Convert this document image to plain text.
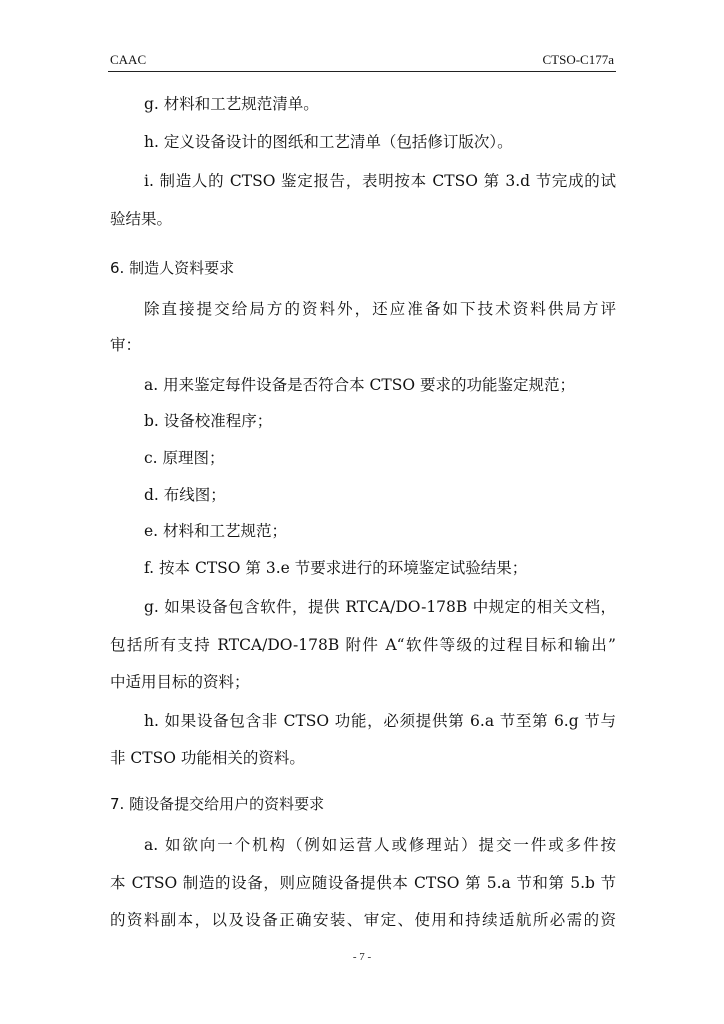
CAAC	CTSO-C177a
g. 材料和工艺规范清单。
h. 定义设备设计的图纸和工艺清单（包括修订版次）。
i. 制造人的 CTSO 鉴定报告，表明按本 CTSO 第 3.d 节完成的试
验结果。
6. 制造人资料要求
除直接提交给局方的资料外，还应准备如下技术资料供局方评
审：
a. 用来鉴定每件设备是否符合本 CTSO 要求的功能鉴定规范；
b. 设备校准程序；
c. 原理图；
d. 布线图；
e. 材料和工艺规范；
f. 按本 CTSO 第 3.e 节要求进行的环境鉴定试验结果；
g. 如果设备包含软件，提供 RTCA/DO-178B 中规定的相关文档，
包括所有支持 RTCA/DO-178B 附件 A“软件等级的过程目标和输出”
中适用目标的资料；
h. 如果设备包含非 CTSO 功能，必须提供第 6.a 节至第 6.g 节与
非 CTSO 功能相关的资料。
7. 随设备提交给用户的资料要求
a. 如欲向一个机构（例如运营人或修理站）提交一件或多件按
本 CTSO 制造的设备，则应随设备提供本 CTSO 第 5.a 节和第 5.b 节
的资料副本，以及设备正确安装、审定、使用和持续适航所必需的资
- 7 -
